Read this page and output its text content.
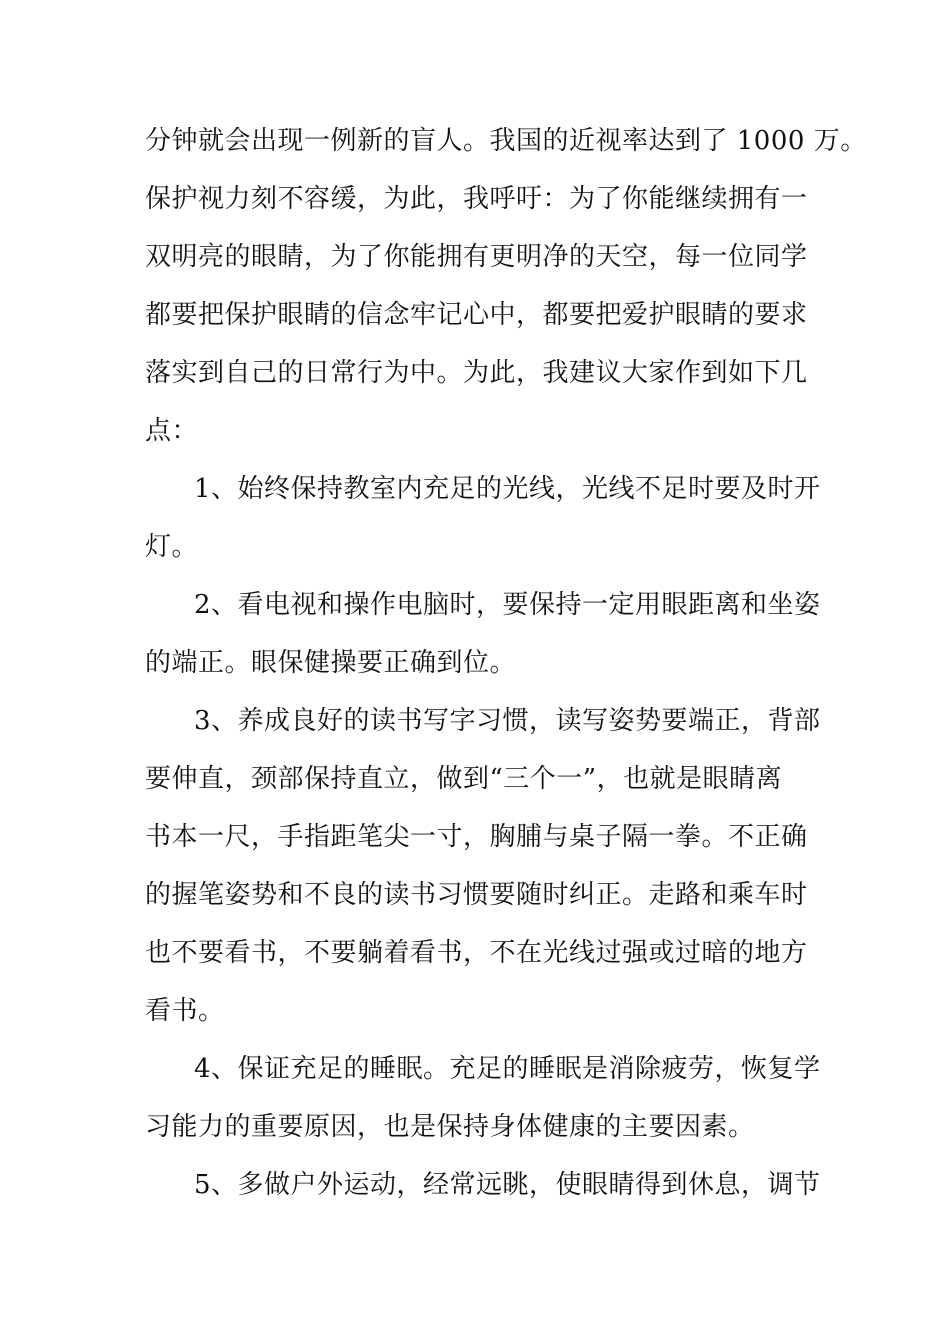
分钟就会出现一例新的盲人。我国的近视率达到了 1000 万。
保护视力刻不容缓，为此，我呼吁：为了你能继续拥有一
双明亮的眼睛，为了你能拥有更明净的天空，每一位同学
都要把保护眼睛的信念牢记心中，都要把爱护眼睛的要求
落实到自己的日常行为中。为此，我建议大家作到如下几
点：
1、始终保持教室内充足的光线，光线不足时要及时开
灯。
2、看电视和操作电脑时，要保持一定用眼距离和坐姿
的端正。眼保健操要正确到位。
3、养成良好的读书写字习惯，读写姿势要端正，背部
要伸直，颈部保持直立，做到“三个一”，也就是眼睛离
书本一尺，手指距笔尖一寸，胸脯与桌子隔一拳。不正确
的握笔姿势和不良的读书习惯要随时纠正。走路和乘车时
也不要看书，不要躺着看书，不在光线过强或过暗的地方
看书。
4、保证充足的睡眠。充足的睡眠是消除疲劳，恢复学
习能力的重要原因，也是保持身体健康的主要因素。
5、多做户外运动，经常远眺，使眼睛得到休息，调节
